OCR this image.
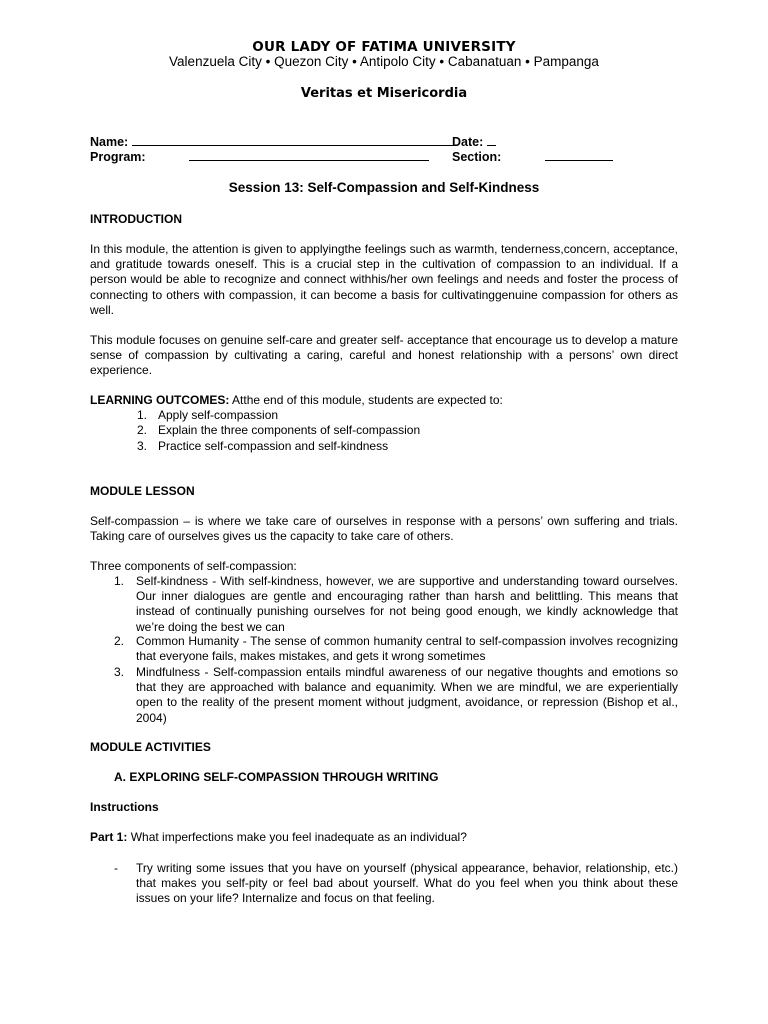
OUR LADY OF FATIMA UNIVERSITY
Valenzuela City • Quezon City • Antipolo City • Cabanatuan • Pampanga
Veritas et Misericordia
Name:	Date:
Program:	Section:
Session 13: Self-Compassion and Self-Kindness
INTRODUCTION

In this module, the attention is given to applyingthe feelings such as warmth, tenderness,concern, acceptance, and gratitude towards oneself. This is a crucial step in the cultivation of compassion to an individual. If a person would be able to recognize and connect withhis/her own feelings and needs and foster the process of connecting to others with compassion, it can become a basis for cultivatinggenuine compassion for others as well.

This module focuses on genuine self-care and greater self- acceptance that encourage us to develop a mature sense of compassion by cultivating a caring, careful and honest relationship with a persons’ own direct experience.

LEARNING OUTCOMES: Atthe end of this module, students are expected to:
1. Apply self-compassion
2. Explain the three components of self-compassion
3. Practice self-compassion and self-kindness
MODULE LESSON

Self-compassion – is where we take care of ourselves in response with a persons’ own suffering and trials. Taking care of ourselves gives us the capacity to take care of others.

Three components of self-compassion:
1. Self-kindness - With self-kindness, however, we are supportive and understanding toward ourselves. Our inner dialogues are gentle and encouraging rather than harsh and belittling. This means that instead of continually punishing ourselves for not being good enough, we kindly acknowledge that we’re doing the best we can

2. Common Humanity - The sense of common humanity central to self-compassion involves recognizing that everyone fails, makes mistakes, and gets it wrong sometimes

3. Mindfulness - Self-compassion entails mindful awareness of our negative thoughts and emotions so that they are approached with balance and equanimity. When we are mindful, we are experientially open to the reality of the present moment without judgment, avoidance, or repression (Bishop et al., 2004)

MODULE ACTIVITIES
A. EXPLORING SELF-COMPASSION THROUGH WRITING
Instructions
Part 1: What imperfections make you feel inadequate as an individual?
- Try writing some issues that you have on yourself (physical appearance, behavior, relationship, etc.) that makes you self-pity or feel bad about yourself. What do you feel when you think about these issues on your life? Internalize and focus on that feeling.
